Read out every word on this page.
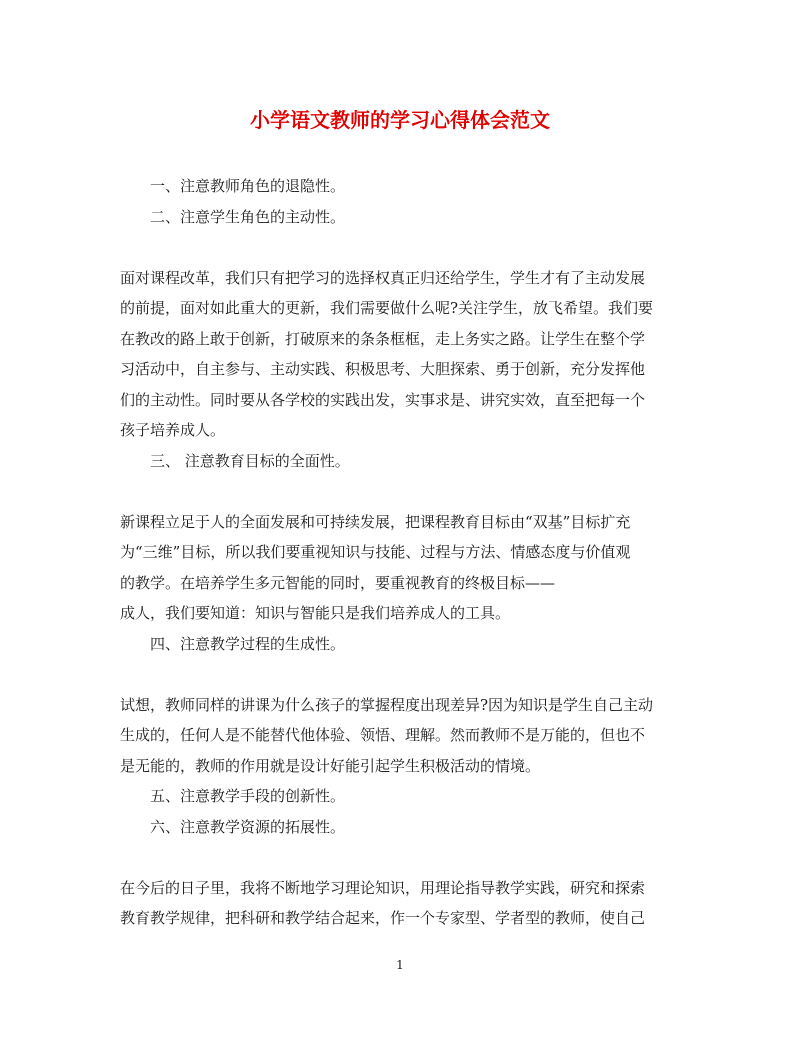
小学语文教师的学习心得体会范文
一、注意教师角色的退隐性。
二、注意学生角色的主动性。
面对课程改革，我们只有把学习的选择权真正归还给学生，学生才有了主动发展
的前提，面对如此重大的更新，我们需要做什么呢?关注学生，放飞希望。我们要
在教改的路上敢于创新，打破原来的条条框框，走上务实之路。让学生在整个学
习活动中，自主参与、主动实践、积极思考、大胆探索、勇于创新，充分发挥他
们的主动性。同时要从各学校的实践出发，实事求是、讲究实效，直至把每一个
孩子培养成人。
三、 注意教育目标的全面性。
新课程立足于人的全面发展和可持续发展，把课程教育目标由“双基”目标扩充
为“三维”目标，所以我们要重视知识与技能、过程与方法、情感态度与价值观
的教学。在培养学生多元智能的同时，要重视教育的终极目标——
成人，我们要知道：知识与智能只是我们培养成人的工具。
四、注意教学过程的生成性。
试想，教师同样的讲课为什么孩子的掌握程度出现差异?因为知识是学生自己主动
生成的，任何人是不能替代他体验、领悟、理解。然而教师不是万能的，但也不
是无能的，教师的作用就是设计好能引起学生积极活动的情境。
五、注意教学手段的创新性。
六、注意教学资源的拓展性。
在今后的日子里，我将不断地学习理论知识，用理论指导教学实践，研究和探索
教育教学规律，把科研和教学结合起来，作一个专家型、学者型的教师，使自己
1
